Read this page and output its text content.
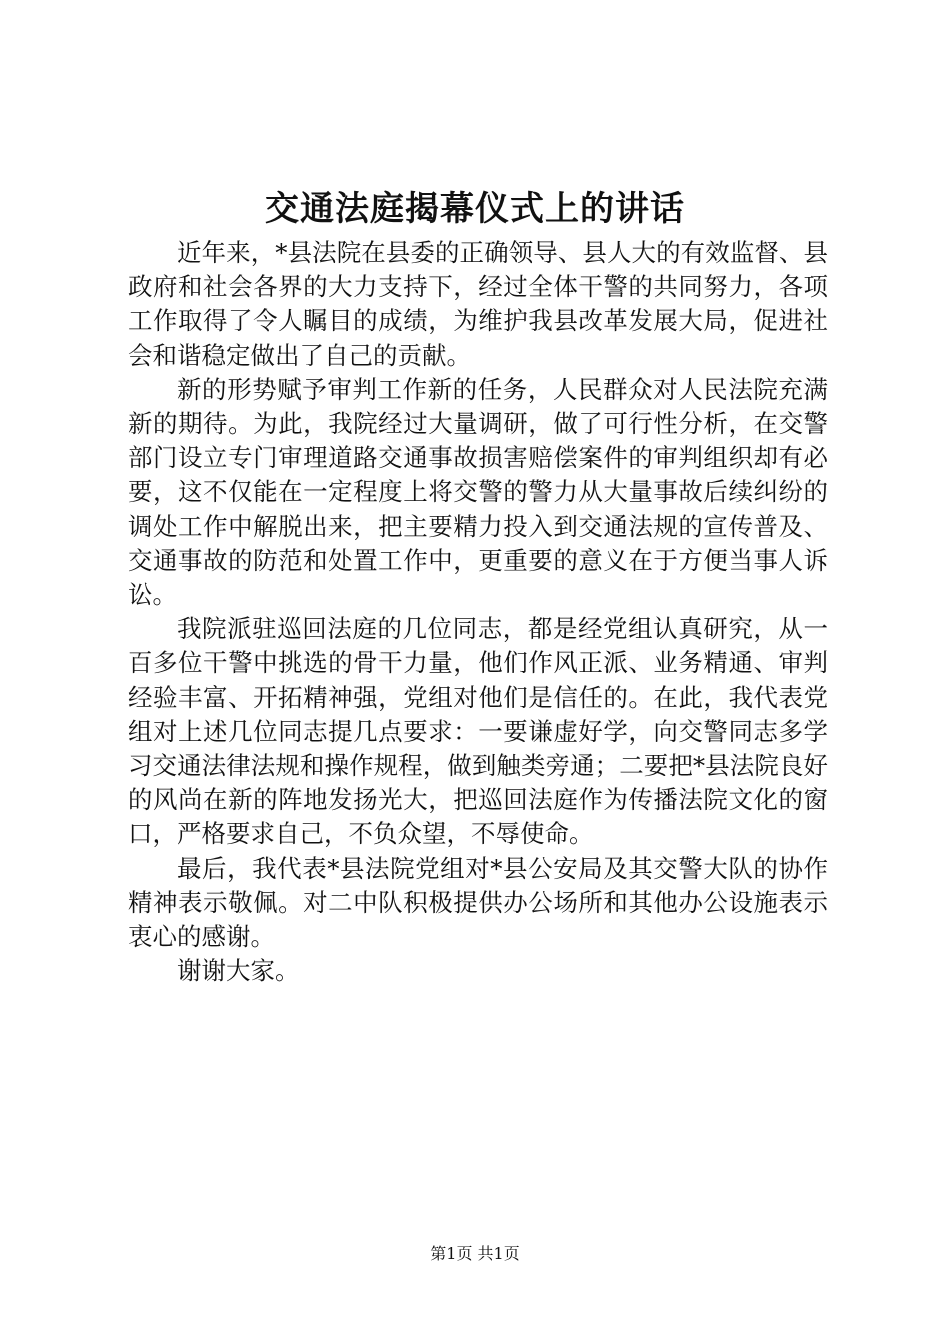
交通法庭揭幕仪式上的讲话

近年来，*县法院在县委的正确领导、县人大的有效监督、县政府和社会各界的大力支持下，经过全体干警的共同努力，各项工作取得了令人瞩目的成绩，为维护我县改革发展大局，促进社会和谐稳定做出了自己的贡献。

新的形势赋予审判工作新的任务，人民群众对人民法院充满新的期待。为此，我院经过大量调研，做了可行性分析，在交警部门设立专门审理道路交通事故损害赔偿案件的审判组织却有必要，这不仅能在一定程度上将交警的警力从大量事故后续纠纷的调处工作中解脱出来，把主要精力投入到交通法规的宣传普及、交通事故的防范和处置工作中，更重要的意义在于方便当事人诉讼。

我院派驻巡回法庭的几位同志，都是经党组认真研究，从一百多位干警中挑选的骨干力量，他们作风正派、业务精通、审判经验丰富、开拓精神强，党组对他们是信任的。在此，我代表党组对上述几位同志提几点要求：一要谦虚好学，向交警同志多学习交通法律法规和操作规程，做到触类旁通；二要把*县法院良好的风尚在新的阵地发扬光大，把巡回法庭作为传播法院文化的窗口，严格要求自己，不负众望，不辱使命。

最后，我代表*县法院党组对*县公安局及其交警大队的协作精神表示敬佩。对二中队积极提供办公场所和其他办公设施表示衷心的感谢。

谢谢大家。

第1页 共1页
